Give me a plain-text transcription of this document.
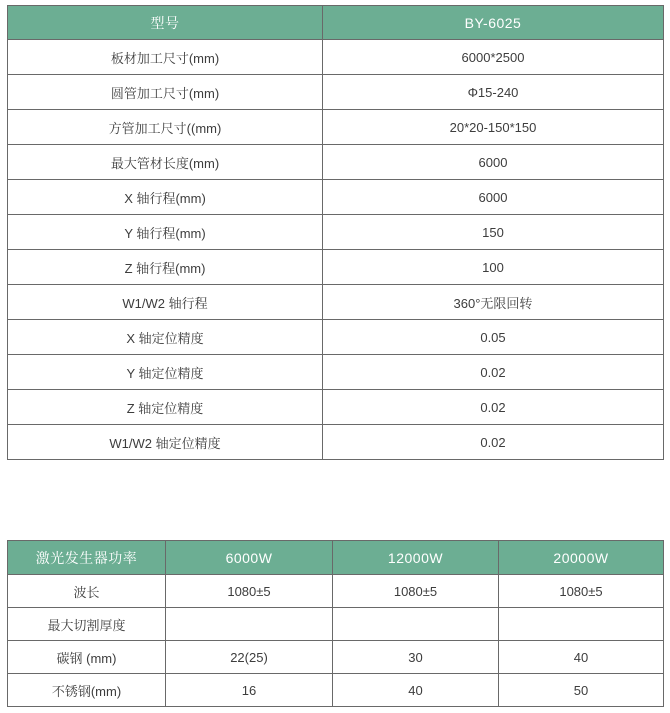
型号	BY-6025
板材加工尺寸(mm)	6000*2500
圆管加工尺寸(mm)	Φ15-240
方管加工尺寸((mm)	20*20-150*150
最大管材长度(mm)	6000
X 轴行程(mm)	6000
Y 轴行程(mm)	150
Z 轴行程(mm)	100
W1/W2 轴行程	360°无限回转
X 轴定位精度	0.05
Y 轴定位精度	0.02
Z 轴定位精度	0.02
W1/W2 轴定位精度	0.02
激光发生器功率	6000W	12000W	20000W
波长	1080±5	1080±5	1080±5
最大切割厚度			
碳钢 (mm)	22(25)	30	40
不锈钢(mm)	16	40	50
